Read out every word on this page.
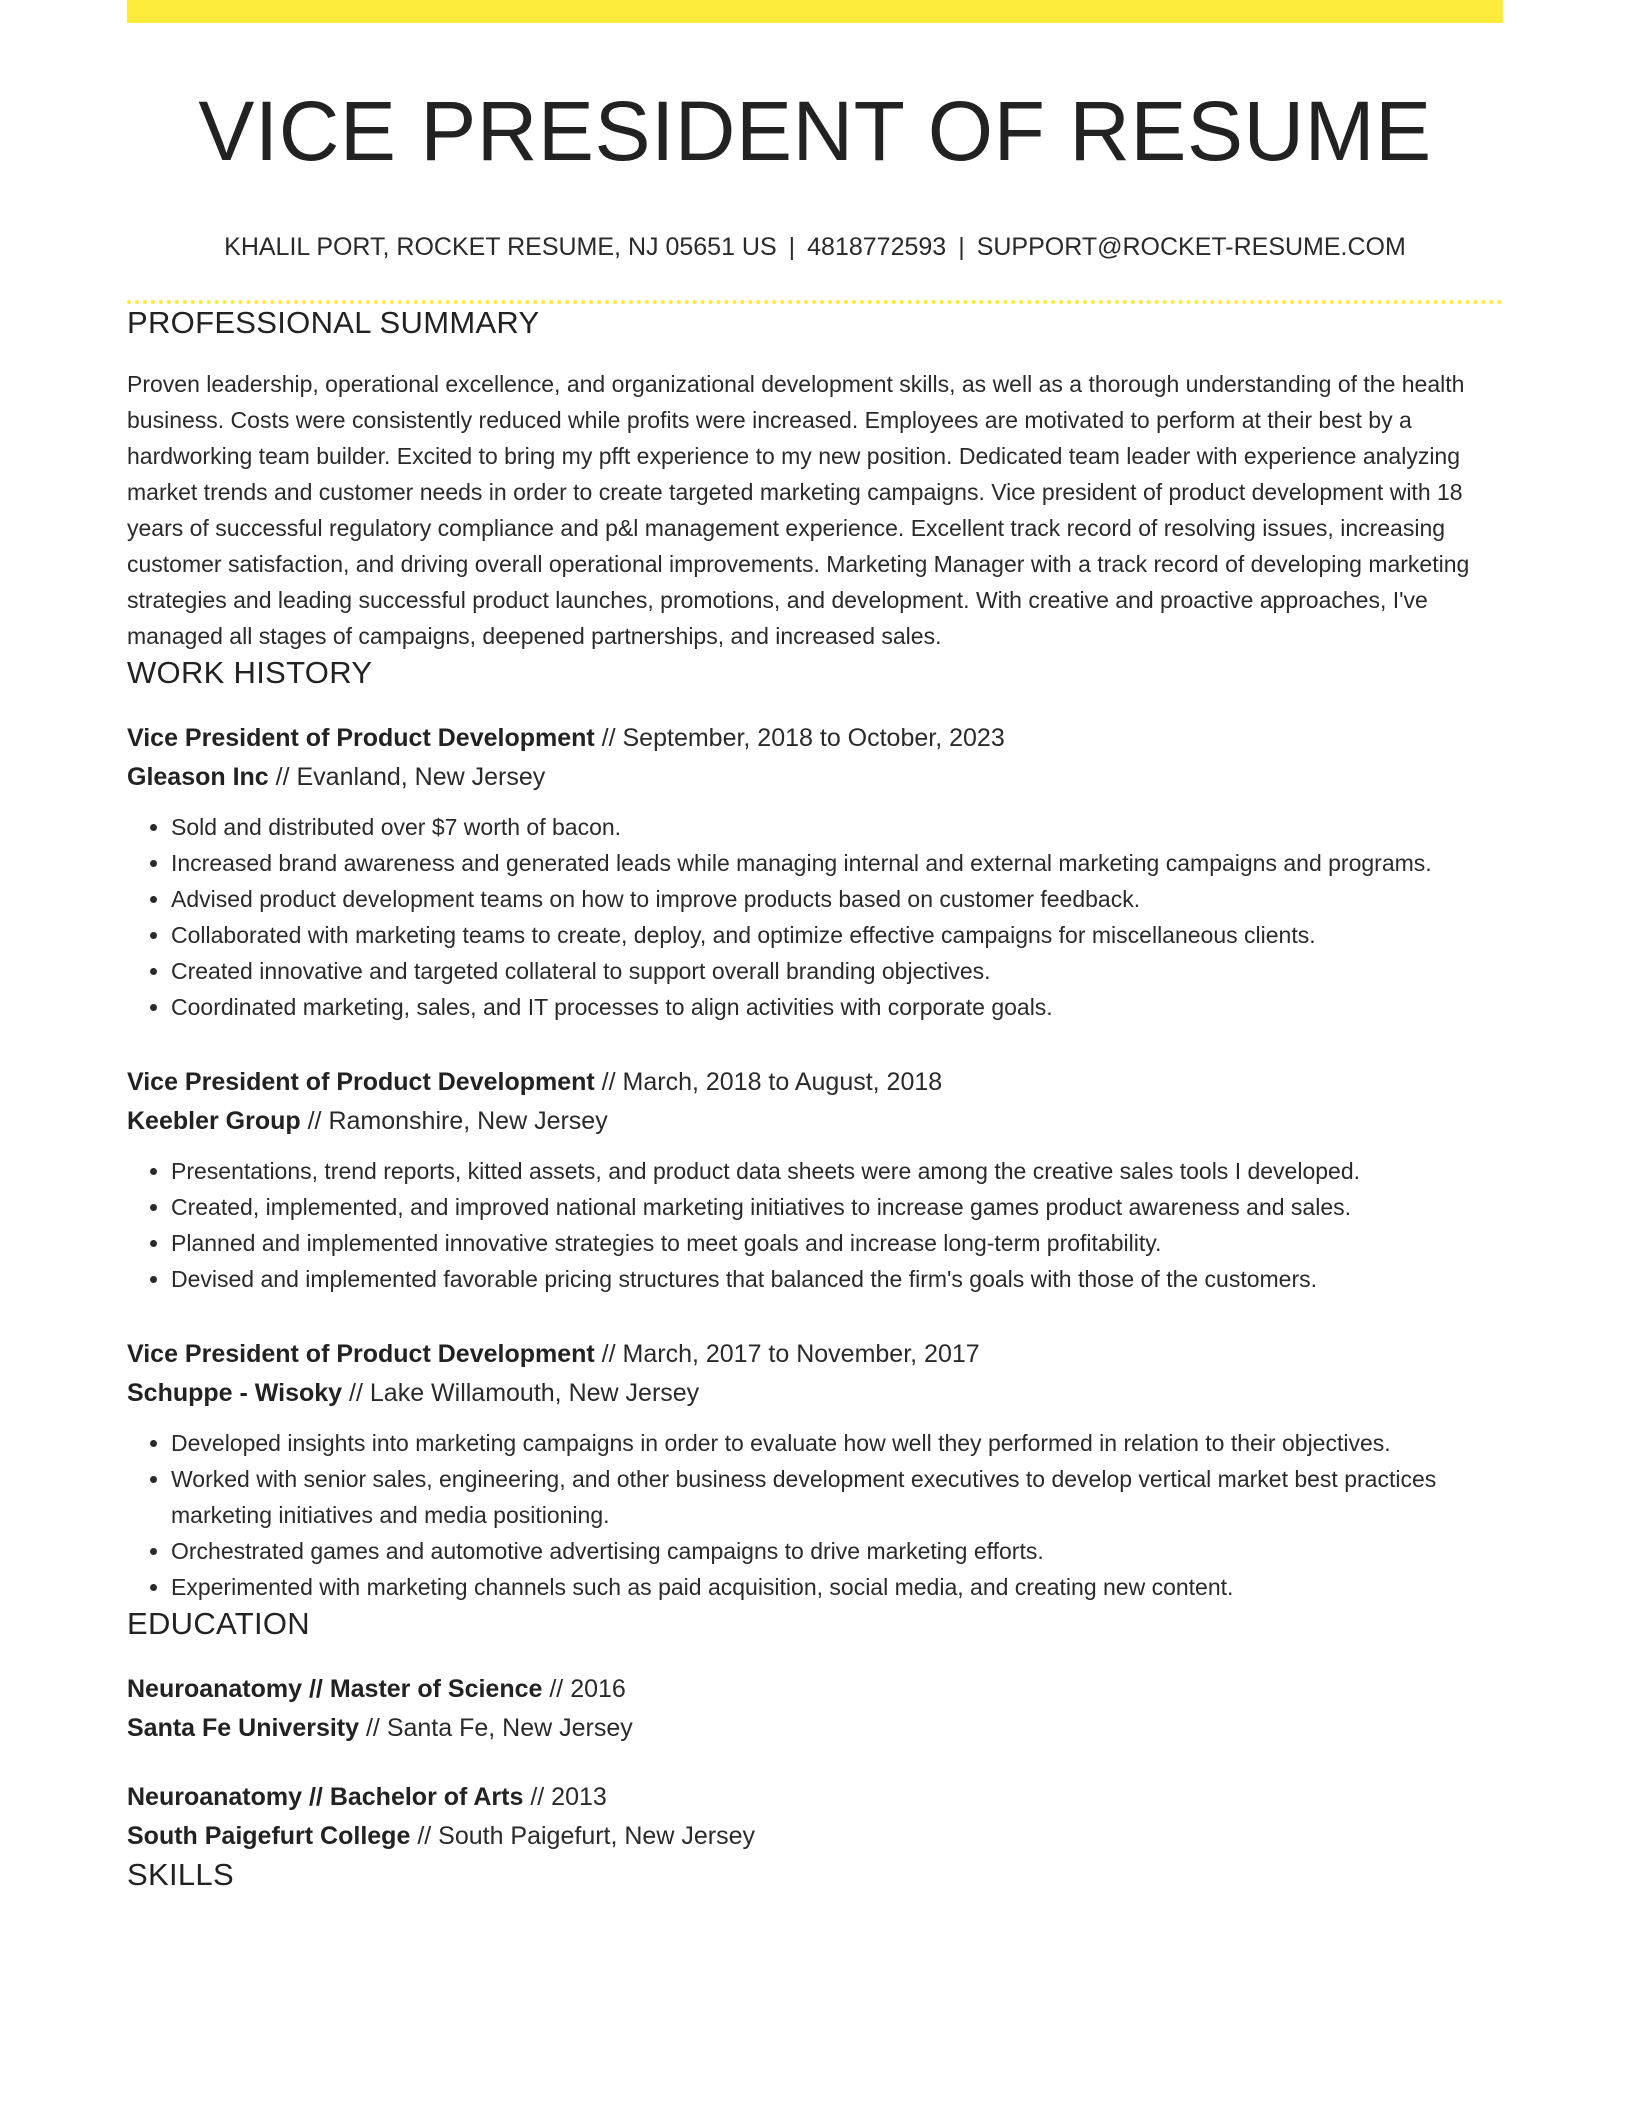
VICE PRESIDENT OF RESUME
KHALIL PORT, ROCKET RESUME, NJ 05651 US | 4818772593 | SUPPORT@ROCKET-RESUME.COM
PROFESSIONAL SUMMARY
Proven leadership, operational excellence, and organizational development skills, as well as a thorough understanding of the health business. Costs were consistently reduced while profits were increased. Employees are motivated to perform at their best by a hardworking team builder. Excited to bring my pfft experience to my new position. Dedicated team leader with experience analyzing market trends and customer needs in order to create targeted marketing campaigns. Vice president of product development with 18 years of successful regulatory compliance and p&l management experience. Excellent track record of resolving issues, increasing customer satisfaction, and driving overall operational improvements. Marketing Manager with a track record of developing marketing strategies and leading successful product launches, promotions, and development. With creative and proactive approaches, I've managed all stages of campaigns, deepened partnerships, and increased sales.
WORK HISTORY
Vice President of Product Development // September, 2018 to October, 2023
Gleason Inc // Evanland, New Jersey
• Sold and distributed over $7 worth of bacon.
• Increased brand awareness and generated leads while managing internal and external marketing campaigns and programs.
• Advised product development teams on how to improve products based on customer feedback.
• Collaborated with marketing teams to create, deploy, and optimize effective campaigns for miscellaneous clients.
• Created innovative and targeted collateral to support overall branding objectives.
• Coordinated marketing, sales, and IT processes to align activities with corporate goals.
Vice President of Product Development // March, 2018 to August, 2018
Keebler Group // Ramonshire, New Jersey
• Presentations, trend reports, kitted assets, and product data sheets were among the creative sales tools I developed.
• Created, implemented, and improved national marketing initiatives to increase games product awareness and sales.
• Planned and implemented innovative strategies to meet goals and increase long-term profitability.
• Devised and implemented favorable pricing structures that balanced the firm's goals with those of the customers.
Vice President of Product Development // March, 2017 to November, 2017
Schuppe - Wisoky // Lake Willamouth, New Jersey
• Developed insights into marketing campaigns in order to evaluate how well they performed in relation to their objectives.
• Worked with senior sales, engineering, and other business development executives to develop vertical market best practices marketing initiatives and media positioning.
• Orchestrated games and automotive advertising campaigns to drive marketing efforts.
• Experimented with marketing channels such as paid acquisition, social media, and creating new content.
EDUCATION
Neuroanatomy // Master of Science // 2016
Santa Fe University // Santa Fe, New Jersey
Neuroanatomy // Bachelor of Arts // 2013
South Paigefurt College // South Paigefurt, New Jersey
SKILLS
